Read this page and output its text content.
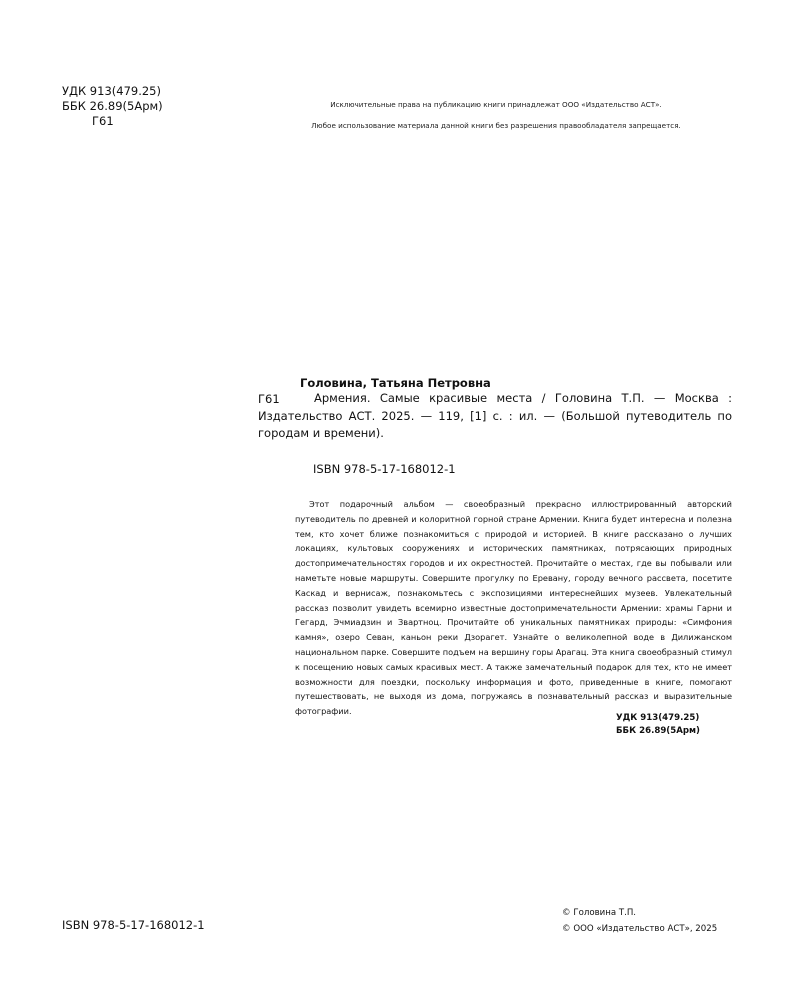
УДК 913(479.25)
ББК 26.89(5Арм)
Г61
Исключительные права на публикацию книги принадлежат ООО «Издательство АСТ».
Любое использование материала данной книги без разрешения правообладателя запрещается.
Головина, Татьяна Петровна
Г61	Армения. Самые красивые места / Головина Т.П. — Москва : Издательство АСТ. 2025. — 119, [1] с. : ил. — (Большой путеводитель по городам и времени).
ISBN 978-5-17-168012-1
Этот подарочный альбом — своеобразный прекрасно иллюстрированный авторский путеводитель по древней и колоритной горной стране Армении. Книга будет интересна и полезна тем, кто хочет ближе познакомиться с природой и историей. В книге рассказано о лучших локациях, культовых сооружениях и исторических памятниках, потрясающих природных достопримечательностях городов и их окрестностей. Прочитайте о местах, где вы побывали или наметьте новые маршруты. Совершите прогулку по Еревану, городу вечного рассвета, посетите Каскад и вернисаж, познакомьтесь с экспозициями интереснейших музеев. Увлекательный рассказ позволит увидеть всемирно известные достопримечательности Армении: храмы Гарни и Гегард, Эчмиадзин и Звартноц. Прочитайте об уникальных памятниках природы: «Симфония камня», озеро Севан, каньон реки Дзорагет. Узнайте о великолепной воде в Дилижанском национальном парке. Совершите подъем на вершину горы Арагац. Эта книга своеобразный стимул к посещению новых самых красивых мест. А также замечательный подарок для тех, кто не имеет возможности для поездки, поскольку информация и фото, приведенные в книге, помогают путешествовать, не выходя из дома, погружаясь в познавательный рассказ и выразительные фотографии.
УДК 913(479.25)
ББК 26.89(5Арм)
ISBN 978-5-17-168012-1
© Головина Т.П.
© ООО «Издательство АСТ», 2025
